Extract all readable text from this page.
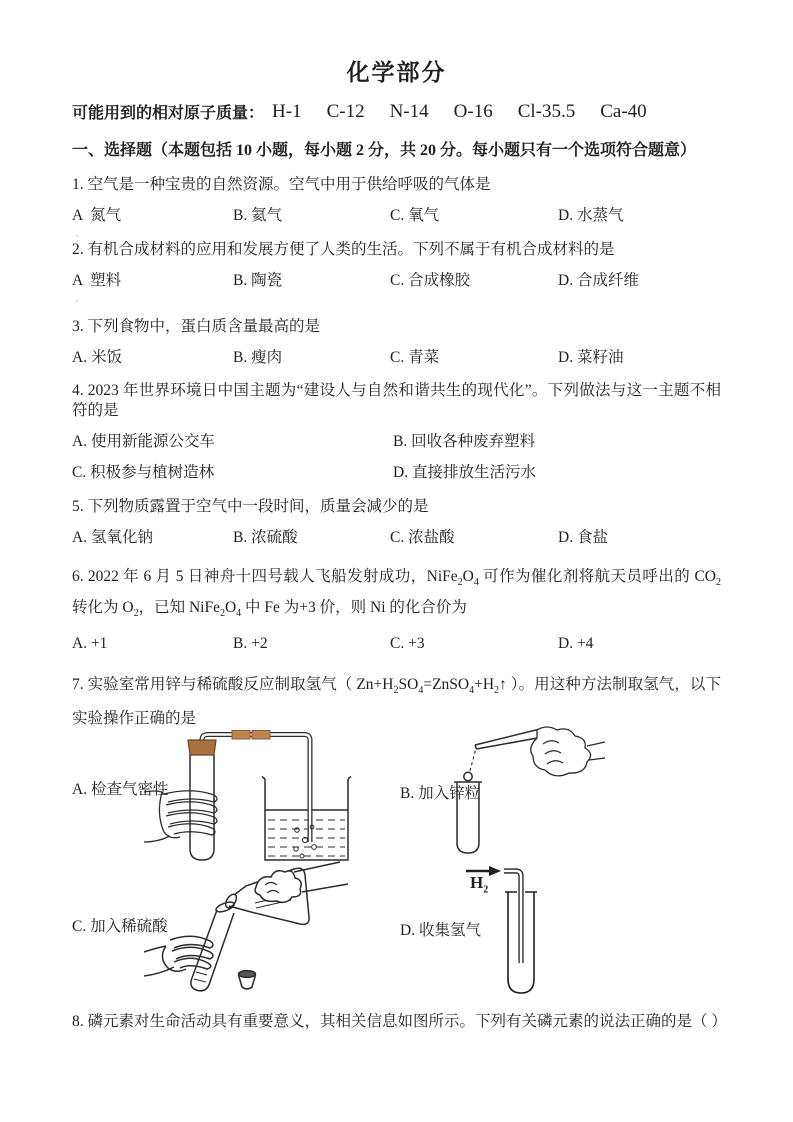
化学部分
可能用到的相对原子质量： H-1 C-12 N-14 O-16 Cl-35.5 Ca-40
一、选择题（本题包括 10 小题，每小题 2 分，共 20 分。每小题只有一个选项符合题意）
1. 空气是一种宝贵的自然资源。空气中用于供给呼吸的气体是
A  氮气	B. 氦气	C. 氧气	D. 水蒸气
ˏ
2. 有机合成材料的应用和发展方便了人类的生活。下列不属于有机合成材料的是
A  塑料	B. 陶瓷	C. 合成橡胶	D. 合成纤维
ˏ
3. 下列食物中，蛋白质含量最高的是
A. 米饭	B. 瘦肉	C. 青菜	D. 菜籽油
4. 2023 年世界环境日中国主题为“建设人与自然和谐共生的现代化”。下列做法与这一主题不相符的是
A. 使用新能源公交车	B. 回收各种废弃塑料
C. 积极参与植树造林	D. 直接排放生活污水
5. 下列物质露置于空气中一段时间，质量会减少的是
A. 氢氧化钠	B. 浓硫酸	C. 浓盐酸	D. 食盐
6. 2022 年 6 月 5 日神舟十四号载人飞船发射成功，$NiFe_2O_4$ 可作为催化剂将航天员呼出的 $CO_2$ 转化为 $O_2$，已知 $NiFe_2O_4$ 中 Fe 为+3 价，则 Ni 的化合价为
A. +1	B. +2	C. +3	D. +4
7. 实验室常用锌与稀硫酸反应制取氢气（ $Zn+H_2SO_4=ZnSO_4+H_2↑$ ）。用这种方法制取氢气，以下实验操作正确的是
A. 检查气密性	B. 加入锌粒
C. 加入稀硫酸	D. 收集氢气
$H_2$
8. 磷元素对生命活动具有重要意义，其相关信息如图所示。下列有关磷元素的说法正确的是（ ）
